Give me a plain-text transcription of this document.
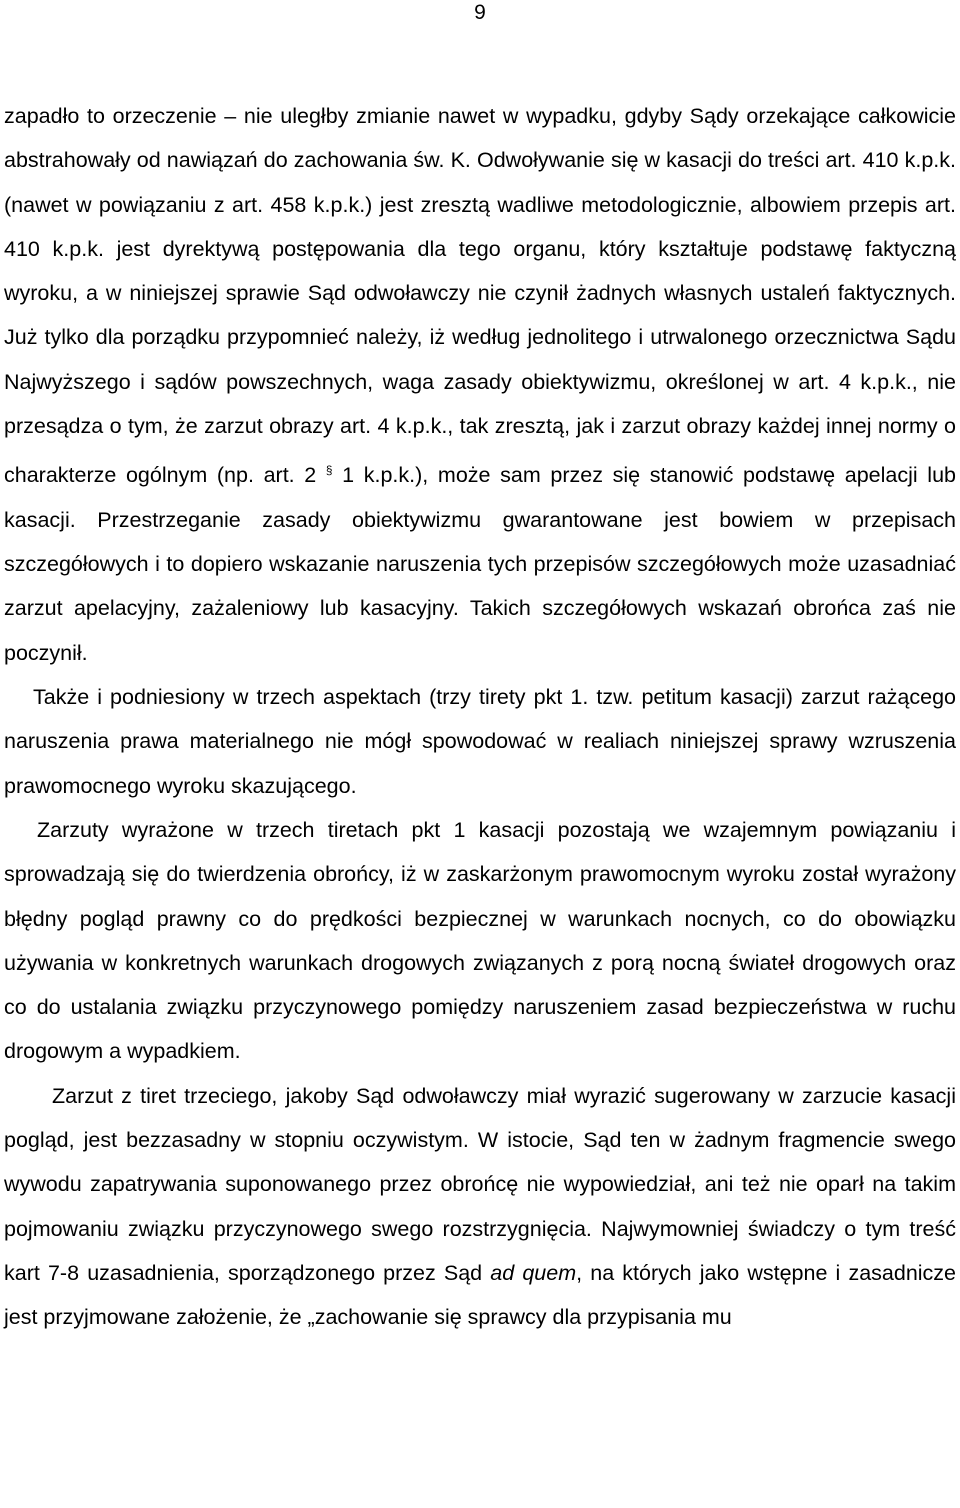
9

zapadło to orzeczenie – nie uległby zmianie nawet w wypadku, gdyby Sądy orzekające całkowicie abstrahowały od nawiązań do zachowania św. K. Odwoływanie się w kasacji do treści art. 410 k.p.k. (nawet w powiązaniu z art. 458 k.p.k.) jest zresztą wadliwe metodologicznie, albowiem przepis art. 410 k.p.k. jest dyrektywą postępowania dla tego organu, który kształtuje podstawę faktyczną wyroku, a w niniejszej sprawie Sąd odwoławczy nie czynił żadnych własnych ustaleń faktycznych. Już tylko dla porządku przypomnieć należy, iż według jednolitego i utrwalonego orzecznictwa Sądu Najwyższego i sądów powszechnych, waga zasady obiektywizmu, określonej w art. 4 k.p.k., nie przesądza o tym, że zarzut obrazy art. 4 k.p.k., tak zresztą, jak i zarzut obrazy każdej innej normy o charakterze ogólnym (np. art. 2 § 1 k.p.k.), może sam przez się stanowić podstawę apelacji lub kasacji. Przestrzeganie zasady obiektywizmu gwarantowane jest bowiem w przepisach szczegółowych i to dopiero wskazanie naruszenia tych przepisów szczegółowych może uzasadniać zarzut apelacyjny, zażaleniowy lub kasacyjny. Takich szczegółowych wskazań obrońca zaś nie poczynił.

Także i podniesiony w trzech aspektach (trzy tirety pkt 1. tzw. petitum kasacji) zarzut rażącego naruszenia prawa materialnego nie mógł spowodować w realiach niniejszej sprawy wzruszenia prawomocnego wyroku skazującego.

Zarzuty wyrażone w trzech tiretach pkt 1 kasacji pozostają we wzajemnym powiązaniu i sprowadzają się do twierdzenia obrońcy, iż w zaskarżonym prawomocnym wyroku został wyrażony błędny pogląd prawny co do prędkości bezpiecznej w warunkach nocnych, co do obowiązku używania w konkretnych warunkach drogowych związanych z porą nocną świateł drogowych oraz co do ustalania związku przyczynowego pomiędzy naruszeniem zasad bezpieczeństwa w ruchu drogowym a wypadkiem.

Zarzut z tiret trzeciego, jakoby Sąd odwoławczy miał wyrazić sugerowany w zarzucie kasacji pogląd, jest bezzasadny w stopniu oczywistym. W istocie, Sąd ten w żadnym fragmencie swego wywodu zapatrywania suponowanego przez obrońcę nie wypowiedział, ani też nie oparł na takim pojmowaniu związku przyczynowego swego rozstrzygnięcia. Najwymowniej świadczy o tym treść kart 7-8 uzasadnienia, sporządzonego przez Sąd ad quem, na których jako wstępne i zasadnicze jest przyjmowane założenie, że „zachowanie się sprawcy dla przypisania mu
